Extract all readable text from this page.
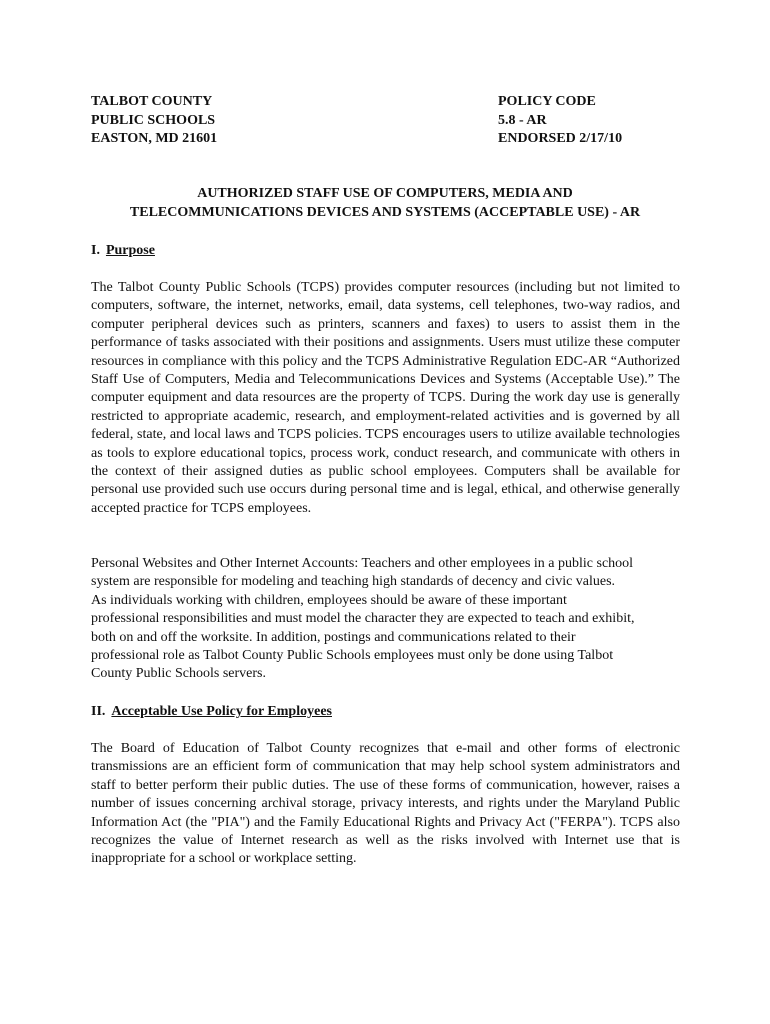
TALBOT COUNTY
PUBLIC SCHOOLS
EASTON, MD 21601
POLICY CODE
5.8 - AR
ENDORSED 2/17/10
AUTHORIZED STAFF USE OF COMPUTERS, MEDIA AND
TELECOMMUNICATIONS DEVICES AND SYSTEMS (ACCEPTABLE USE) - AR
I. Purpose
The Talbot County Public Schools (TCPS) provides computer resources (including but not limited to computers, software, the internet, networks, email, data systems, cell telephones, two-way radios, and computer peripheral devices such as printers, scanners and faxes) to users to assist them in the performance of tasks associated with their positions and assignments. Users must utilize these computer resources in compliance with this policy and the TCPS Administrative Regulation EDC-AR “Authorized Staff Use of Computers, Media and Telecommunications Devices and Systems (Acceptable Use).” The computer equipment and data resources are the property of TCPS. During the work day use is generally restricted to appropriate academic, research, and employment-related activities and is governed by all federal, state, and local laws and TCPS policies. TCPS encourages users to utilize available technologies as tools to explore educational topics, process work, conduct research, and communicate with others in the context of their assigned duties as public school employees. Computers shall be available for personal use provided such use occurs during personal time and is legal, ethical, and otherwise generally accepted practice for TCPS employees.
Personal Websites and Other Internet Accounts: Teachers and other employees in a public school
system are responsible for modeling and teaching high standards of decency and civic values.
As individuals working with children, employees should be aware of these important
professional responsibilities and must model the character they are expected to teach and exhibit,
both on and off the worksite. In addition, postings and communications related to their
professional role as Talbot County Public Schools employees must only be done using Talbot
County Public Schools servers.
II. Acceptable Use Policy for Employees
The Board of Education of Talbot County recognizes that e-mail and other forms of electronic transmissions are an efficient form of communication that may help school system administrators and staff to better perform their public duties. The use of these forms of communication, however, raises a number of issues concerning archival storage, privacy interests, and rights under the Maryland Public Information Act (the "PIA") and the Family Educational Rights and Privacy Act ("FERPA"). TCPS also recognizes the value of Internet research as well as the risks involved with Internet use that is inappropriate for a school or workplace setting.
